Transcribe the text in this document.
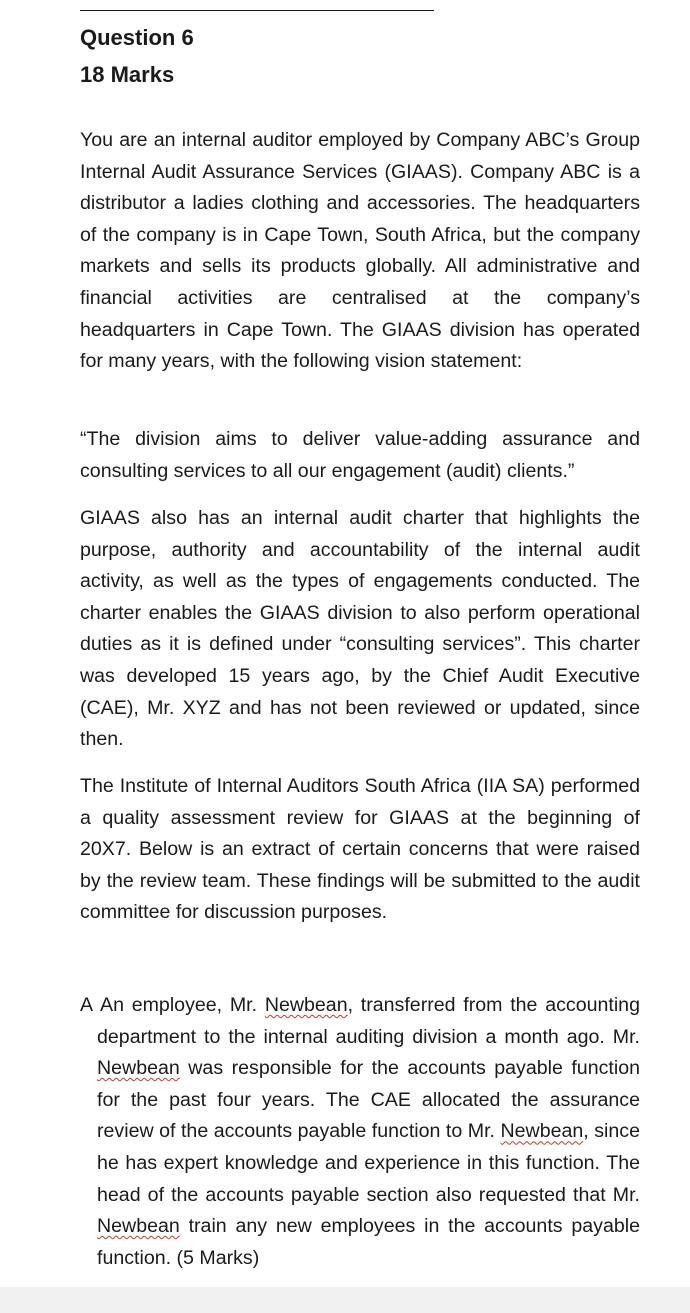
Question 6
18 Marks

You are an internal auditor employed by Company ABC’s Group Internal Audit Assurance Services (GIAAS). Company ABC is a distributor a ladies clothing and accessories. The headquarters of the company is in Cape Town, South Africa, but the company markets and sells its products globally. All administrative and financial activities are centralised at the company’s headquarters in Cape Town. The GIAAS division has operated for many years, with the following vision statement:

“The division aims to deliver value-adding assurance and consulting services to all our engagement (audit) clients.”

GIAAS also has an internal audit charter that highlights the purpose, authority and accountability of the internal audit activity, as well as the types of engagements conducted. The charter enables the GIAAS division to also perform operational duties as it is defined under “consulting services”. This charter was developed 15 years ago, by the Chief Audit Executive (CAE), Mr. XYZ and has not been reviewed or updated, since then.

The Institute of Internal Auditors South Africa (IIA SA) performed a quality assessment review for GIAAS at the beginning of 20X7. Below is an extract of certain concerns that were raised by the review team. These findings will be submitted to the audit committee for discussion purposes.

A An employee, Mr. Newbean, transferred from the accounting department to the internal auditing division a month ago. Mr. Newbean was responsible for the accounts payable function for the past four years. The CAE allocated the assurance review of the accounts payable function to Mr. Newbean, since he has expert knowledge and experience in this function. The head of the accounts payable section also requested that Mr. Newbean train any new employees in the accounts payable function. (5 Marks)
